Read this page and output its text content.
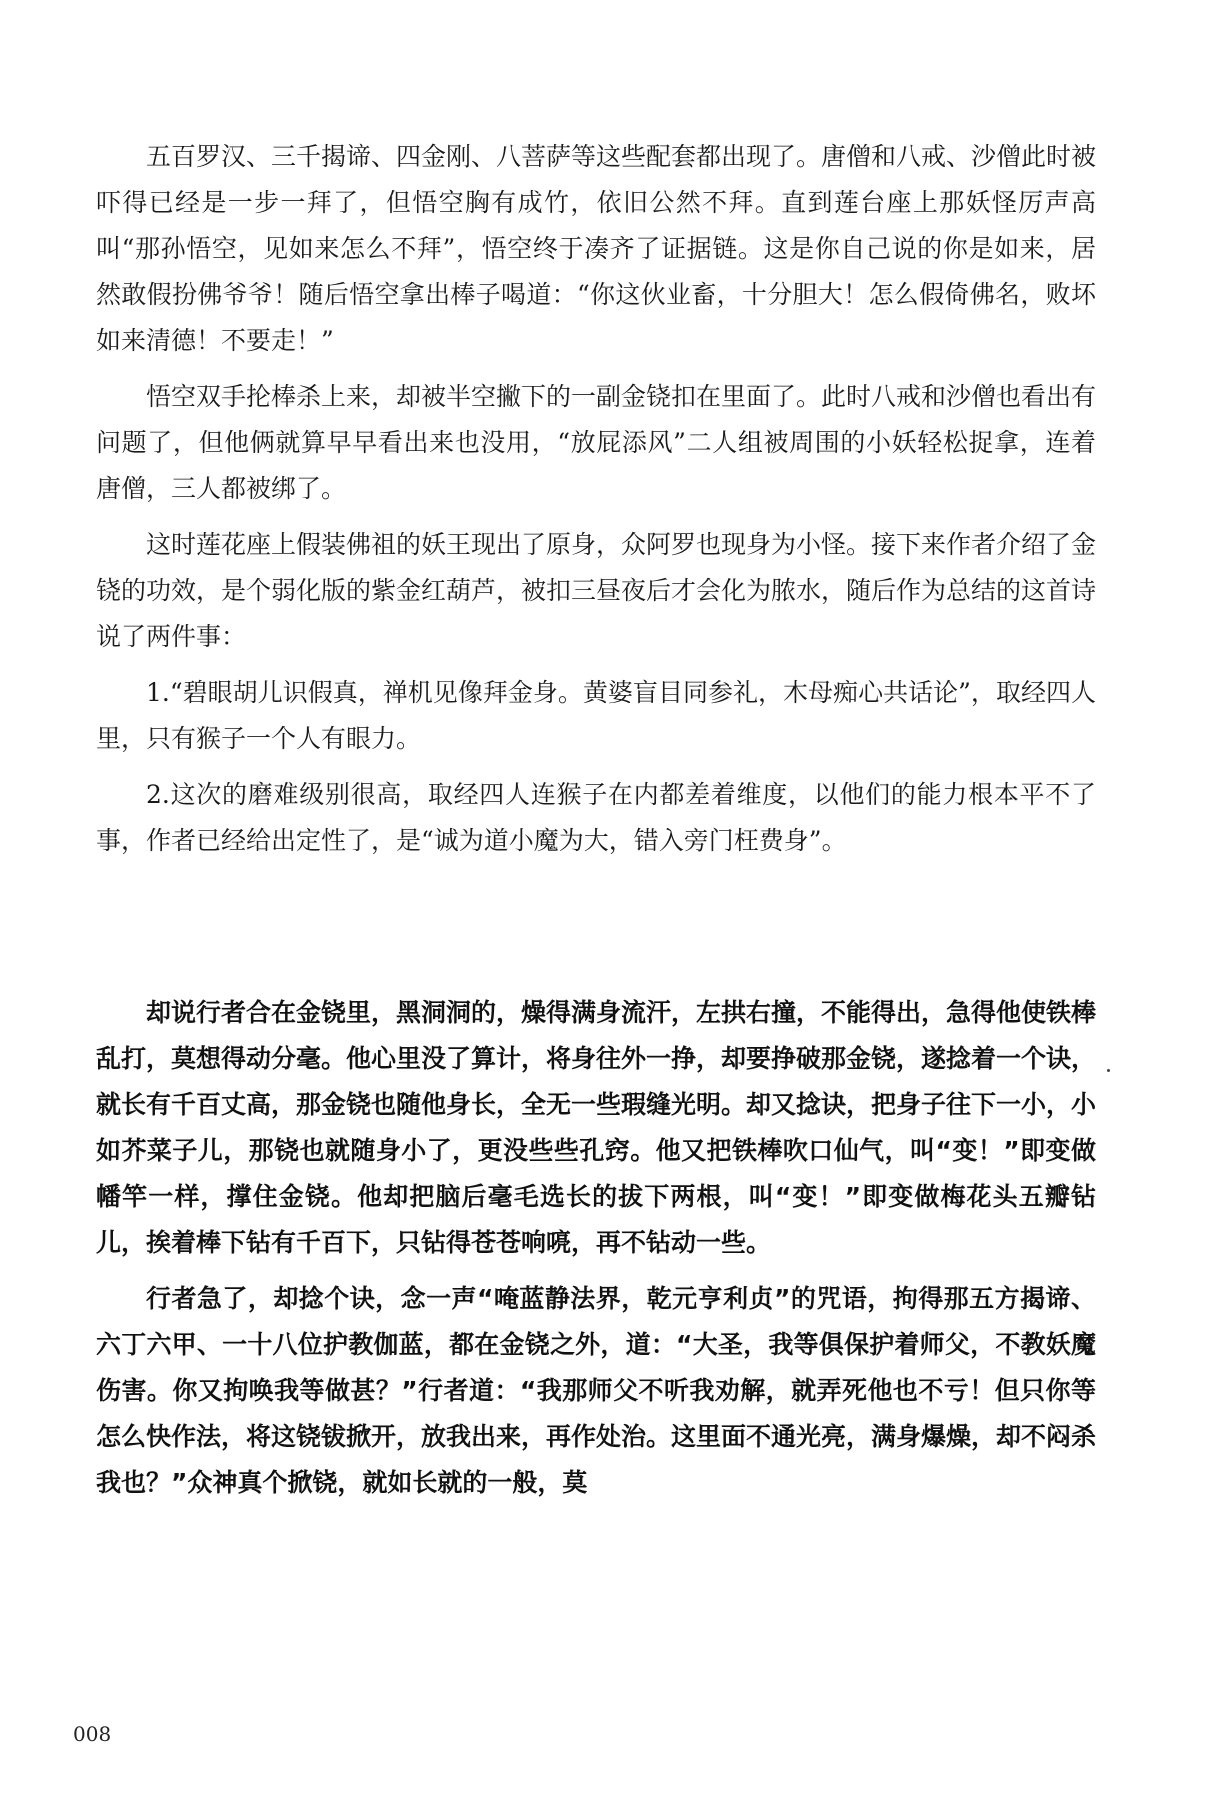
五百罗汉、三千揭谛、四金刚、八菩萨等这些配套都出现了。唐僧和八戒、沙僧此时被吓得已经是一步一拜了，但悟空胸有成竹，依旧公然不拜。直到莲台座上那妖怪厉声高叫“那孙悟空，见如来怎么不拜”，悟空终于凑齐了证据链。这是你自己说的你是如来，居然敢假扮佛爷爷！随后悟空拿出棒子喝道：“你这伙业畜，十分胆大！怎么假倚佛名，败坏如来清德！不要走！”

悟空双手抡棒杀上来，却被半空撇下的一副金铙扣在里面了。此时八戒和沙僧也看出有问题了，但他俩就算早早看出来也没用，“放屁添风”二人组被周围的小妖轻松捉拿，连着唐僧，三人都被绑了。

这时莲花座上假装佛祖的妖王现出了原身，众阿罗也现身为小怪。接下来作者介绍了金铙的功效，是个弱化版的紫金红葫芦，被扣三昼夜后才会化为脓水，随后作为总结的这首诗说了两件事：

1.“碧眼胡儿识假真，禅机见像拜金身。黄婆盲目同参礼，木母痴心共话论”，取经四人里，只有猴子一个人有眼力。

2.这次的磨难级别很高，取经四人连猴子在内都差着维度，以他们的能力根本平不了事，作者已经给出定性了，是“诚为道小魔为大，错入旁门枉费身”。

却说行者合在金铙里，黑洞洞的，燥得满身流汗，左拱右撞，不能得出，急得他使铁棒乱打，莫想得动分毫。他心里没了算计，将身往外一挣，却要挣破那金铙，遂捻着一个诀，就长有千百丈高，那金铙也随他身长，全无一些瑕缝光明。却又捻诀，把身子往下一小，小如芥菜子儿，那铙也就随身小了，更没些些孔窍。他又把铁棒吹口仙气，叫“变！”即变做幡竿一样，撑住金铙。他却把脑后毫毛选长的拔下两根，叫“变！”即变做梅花头五瓣钻儿，挨着棒下钻有千百下，只钻得苍苍响喨，再不钻动一些。

行者急了，却捻个诀，念一声“唵蓝静法界，乾元亨利贞”的咒语，拘得那五方揭谛、六丁六甲、一十八位护教伽蓝，都在金铙之外，道：“大圣，我等俱保护着师父，不教妖魔伤害。你又拘唤我等做甚？”行者道：“我那师父不听我劝解，就弄死他也不亏！但只你等怎么快作法，将这铙钹掀开，放我出来，再作处治。这里面不通光亮，满身爆燥，却不闷杀我也？”众神真个掀铙，就如长就的一般，莫

008
